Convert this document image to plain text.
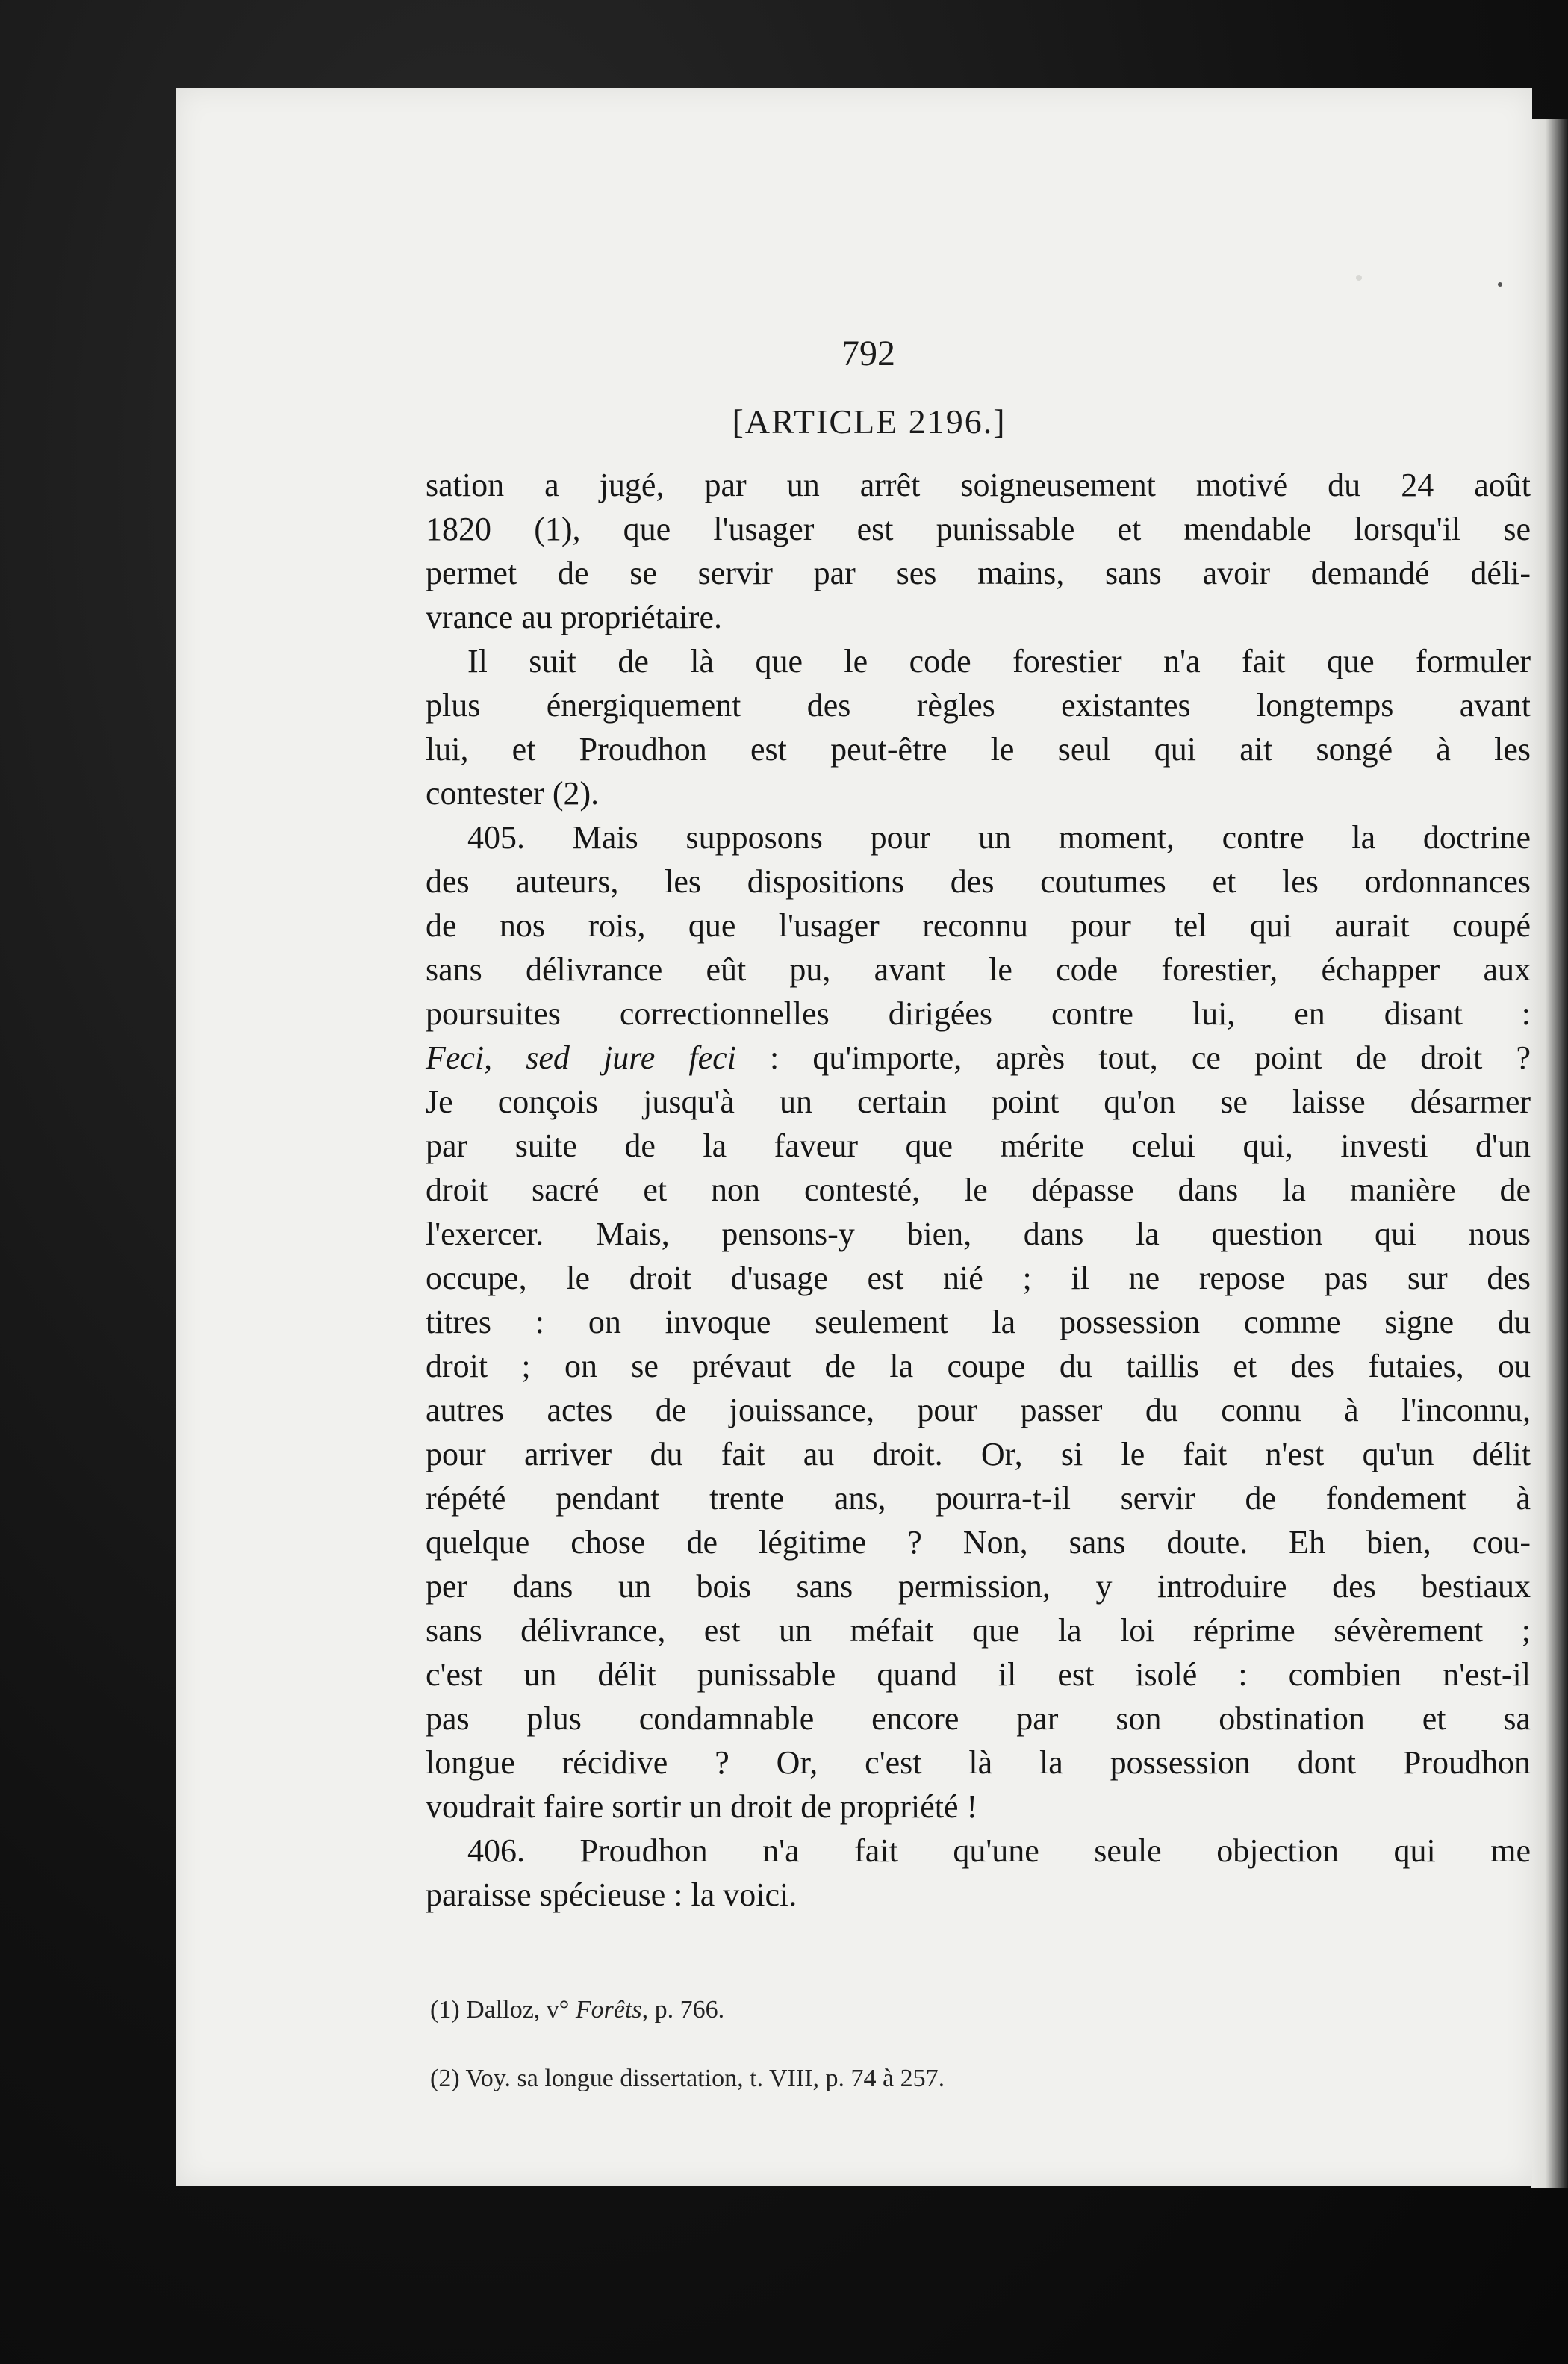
792
[ARTICLE 2196.]
sation a jugé, par un arrêt soigneusement motivé du 24 août
1820 (1), que l'usager est punissable et mendable lorsqu'il se
permet de se servir par ses mains, sans avoir demandé déli-
vrance au propriétaire.
Il suit de là que le code forestier n'a fait que formuler
plus énergiquement des règles existantes longtemps avant
lui, et Proudhon est peut-être le seul qui ait songé à les
contester (2).
405. Mais supposons pour un moment, contre la doctrine
des auteurs, les dispositions des coutumes et les ordonnances
de nos rois, que l'usager reconnu pour tel qui aurait coupé
sans délivrance eût pu, avant le code forestier, échapper aux
poursuites correctionnelles dirigées contre lui, en disant :
Feci, sed jure feci : qu'importe, après tout, ce point de droit ?
Je conçois jusqu'à un certain point qu'on se laisse désarmer
par suite de la faveur que mérite celui qui, investi d'un
droit sacré et non contesté, le dépasse dans la manière de
l'exercer. Mais, pensons-y bien, dans la question qui nous
occupe, le droit d'usage est nié ; il ne repose pas sur des
titres : on invoque seulement la possession comme signe du
droit ; on se prévaut de la coupe du taillis et des futaies, ou
autres actes de jouissance, pour passer du connu à l'inconnu,
pour arriver du fait au droit. Or, si le fait n'est qu'un délit
répété pendant trente ans, pourra-t-il servir de fondement à
quelque chose de légitime ? Non, sans doute. Eh bien, cou-
per dans un bois sans permission, y introduire des bestiaux
sans délivrance, est un méfait que la loi réprime sévèrement ;
c'est un délit punissable quand il est isolé : combien n'est-il
pas plus condamnable encore par son obstination et sa
longue récidive ? Or, c'est là la possession dont Proudhon
voudrait faire sortir un droit de propriété !
406. Proudhon n'a fait qu'une seule objection qui me
paraisse spécieuse : la voici.
(1) Dalloz, v° Forêts, p. 766.
(2) Voy. sa longue dissertation, t. VIII, p. 74 à 257.
